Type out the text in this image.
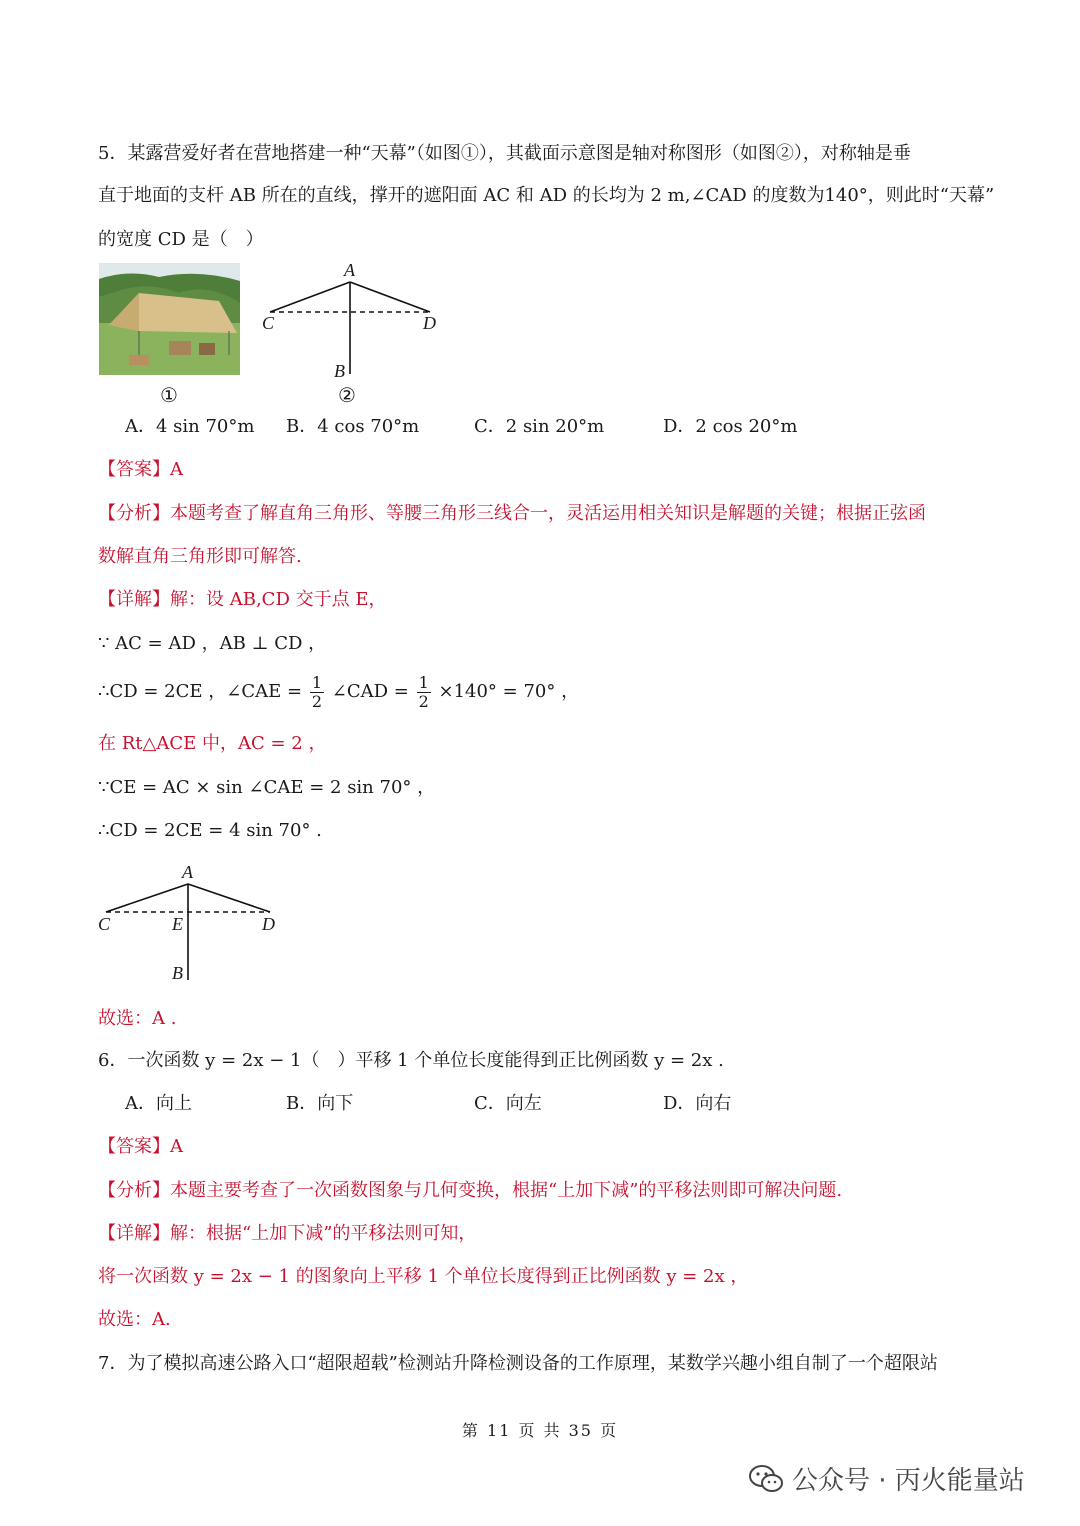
5．某露营爱好者在营地搭建一种“天幕”（如图①），其截面示意图是轴对称图形（如图②），对称轴是垂
直于地面的支杆 AB 所在的直线，撑开的遮阳面 AC 和 AD 的长均为 2 m,∠CAD 的度数为140°，则此时“天幕”
的宽度 CD 是（　）
①
A
C	D
B
②
A．4 sin 70°m B．4 cos 70°m	C．2 sin 20°m	D．2 cos 20°m
【答案】A
【分析】本题考查了解直角三角形、等腰三角形三线合一，灵活运用相关知识是解题的关键；根据正弦函
数解直角三角形即可解答.
【详解】解：设 AB,CD 交于点 E，
∵ AC = AD ，AB ⊥ CD ，
∴CD = 2CE ，∠CAE = $\frac{1}{2}$ ∠CAD = $\frac{1}{2} \times 140^\circ = 70^\circ$ ，
在 Rt△ACE 中，AC = 2 ，
∵CE = AC × sin ∠CAE = 2 sin 70° ，
∴CD = 2CE = 4 sin 70° .
A
C	E	D
B
故选：A .
6．一次函数 y = 2x − 1（　）平移 1 个单位长度能得到正比例函数 y = 2x .
A．向上	B．向下	C．向左	D．向右
【答案】A
【分析】本题主要考查了一次函数图象与几何变换，根据“上加下减”的平移法则即可解决问题.
【详解】解：根据“上加下减”的平移法则可知，
将一次函数 y = 2x − 1 的图象向上平移 1 个单位长度得到正比例函数 y = 2x ，
故选：A.
7．为了模拟高速公路入口“超限超载”检测站升降检测设备的工作原理，某数学兴趣小组自制了一个超限站
第 11 页 共 35 页
公众号 · 丙火能量站
